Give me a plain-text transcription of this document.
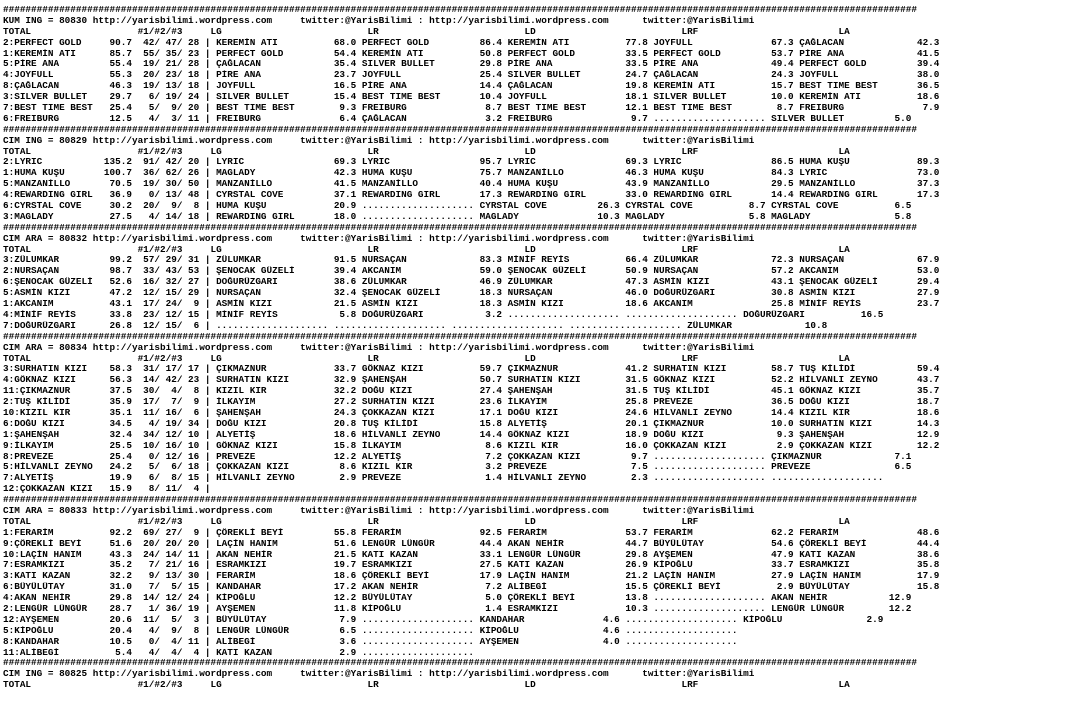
###################################################################################################################################################################
KUM ING = 80830 http://yarisbilimi.wordpress.com     twitter:@YarisBilimi : http://yarisbilimi.wordpress.com      twitter:@YarisBilimi
TOTAL                   #1/#2/#3     LG                          LR                          LD                          LRF                         LA
2:PERFECT GOLD     90.7  42/ 47/ 28 | KEREMİN ATI          68.0 PERFECT GOLD         86.4 KEREMİN ATI          77.8 JOYFULL              67.3 ÇAĞLACAN             42.3
1:KEREMİN ATI      85.7  55/ 35/ 23 | PERFECT GOLD         54.4 KEREMİN ATI          50.8 PERFECT GOLD         33.5 PERFECT GOLD         53.7 PİRE ANA             41.5
5:PİRE ANA         55.4  19/ 21/ 28 | ÇAĞLACAN             35.4 SILVER BULLET        29.8 PİRE ANA             33.5 PİRE ANA             49.4 PERFECT GOLD         39.4
4:JOYFULL          55.3  20/ 23/ 18 | PİRE ANA             23.7 JOYFULL              25.4 SILVER BULLET        24.7 ÇAĞLACAN             24.3 JOYFULL              38.0
8:ÇAĞLACAN         46.3  19/ 13/ 18 | JOYFULL              16.5 PİRE ANA             14.4 ÇAĞLACAN             19.8 KEREMİN ATI          15.7 BEST TIME BEST       36.5
3:SILVER BULLET    29.7   6/ 19/ 24 | SILVER BULLET        15.4 BEST TIME BEST       10.4 JOYFULL              18.1 SILVER BULLET        10.0 KEREMİN ATI          18.6
7:BEST TIME BEST   25.4   5/  9/ 20 | BEST TIME BEST        9.3 FREIBURG              8.7 BEST TIME BEST       12.1 BEST TIME BEST        8.7 FREIBURG              7.9
6:FREIBURG         12.5   4/  3/ 11 | FREIBURG              6.4 ÇAĞLACAN              3.2 FREIBURG              9.7 .................... SILVER BULLET         5.0
###################################################################################################################################################################
CIM ING = 80829 http://yarisbilimi.wordpress.com     twitter:@YarisBilimi : http://yarisbilimi.wordpress.com      twitter:@YarisBilimi
TOTAL                   #1/#2/#3     LG                          LR                          LD                          LRF                         LA
2:LYRIC           135.2  91/ 42/ 20 | LYRIC                69.3 LYRIC                95.7 LYRIC                69.3 LYRIC                86.5 HUMA KUŞU            89.3
1:HUMA KUŞU       100.7  36/ 62/ 26 | MAGLADY              42.3 HUMA KUŞU            75.7 MANZANİLLO           46.3 HUMA KUŞU            84.3 LYRIC                73.0
5:MANZANİLLO       70.5  19/ 30/ 50 | MANZANİLLO           41.5 MANZANİLLO           40.4 HUMA KUŞU            43.9 MANZANİLLO           29.5 MANZANİLLO           37.3
4:REWARDING GIRL   36.9   0/ 13/ 48 | CYRSTAL COVE         37.1 REWARDING GIRL       17.3 REWARDING GIRL       33.0 REWARDING GIRL       14.4 REWARDING GIRL       17.3
6:CYRSTAL COVE     30.2  20/  9/  8 | HUMA KUŞU            20.9 .................... CYRSTAL COVE         26.3 CYRSTAL COVE          8.7 CYRSTAL COVE          6.5
3:MAGLADY          27.5   4/ 14/ 18 | REWARDING GIRL       18.0 .................... MAGLADY              10.3 MAGLADY               5.8 MAGLADY               5.8
###################################################################################################################################################################
CIM ARA = 80832 http://yarisbilimi.wordpress.com     twitter:@YarisBilimi : http://yarisbilimi.wordpress.com      twitter:@YarisBilimi
TOTAL                   #1/#2/#3     LG                          LR                          LD                          LRF                         LA
3:ZÜLUMKAR         99.2  57/ 29/ 31 | ZÜLUMKAR             91.5 NURSAÇAN             83.3 MİNİF REYİS          66.4 ZÜLUMKAR             72.3 NURSAÇAN             67.9
2:NURSAÇAN         98.7  33/ 43/ 53 | ŞENOCAK GÜZELİ       39.4 AKCANIM              59.0 ŞENOCAK GÜZELİ       50.9 NURSAÇAN             57.2 AKCANIM              53.0
6:ŞENOCAK GÜZELİ   52.6  16/ 32/ 27 | DOĞURÜZGARI          38.6 ZÜLUMKAR             46.9 ZÜLUMKAR             47.3 ASMİN KIZI           43.1 ŞENOCAK GÜZELİ       29.4
5:ASMİN KIZI       47.2  12/ 15/ 29 | NURSAÇAN             32.4 ŞENOCAK GÜZELİ       18.3 NURSAÇAN             46.0 DOĞURÜZGARI          30.8 ASMİN KIZI           27.9
1:AKCANIM          43.1  17/ 24/  9 | ASMİN KIZI           21.5 ASMİN KIZI           18.3 ASMİN KIZI           18.6 AKCANIM              25.8 MİNİF REYİS          23.7
4:MİNİF REYİS      33.8  23/ 12/ 15 | MİNİF REYİS           5.8 DOĞURÜZGARI           3.2 .................... .................... DOĞURÜZGARI          16.5
7:DOĞURÜZGARI      26.8  12/ 15/  6 | .................... .................... .................... .................... ZÜLUMKAR             10.8
###################################################################################################################################################################
CIM ARA = 80834 http://yarisbilimi.wordpress.com     twitter:@YarisBilimi : http://yarisbilimi.wordpress.com      twitter:@YarisBilimi
TOTAL                   #1/#2/#3     LG                          LR                          LD                          LRF                         LA
3:SURHATIN KIZI    58.3  31/ 17/ 17 | ÇIKMAZNUR            33.7 GÖKNAZ KIZI          59.7 ÇIKMAZNUR            41.2 SURHATIN KIZI        58.7 TUŞ KİLİDİ           59.4
4:GÖKNAZ KIZI      56.3  14/ 42/ 23 | SURHATIN KIZI        32.9 ŞAHENŞAH             50.7 SURHATIN KIZI        31.5 GÖKNAZ KIZI          52.2 HİLVANLI ZEYNO       43.7
11:ÇIKMAZNUR       37.5  30/  4/  8 | KIZIL KIR            32.2 DOĞU KIZI            27.4 ŞAHENŞAH             31.5 TUŞ KİLİDİ           45.1 GÖKNAZ KIZI          35.7
2:TUŞ KİLİDİ       35.9  17/  7/  9 | İLKAYIM              27.2 SURHATIN KIZI        23.6 İLKAYIM              25.8 PREVEZE              36.5 DOĞU KIZI            18.7
10:KIZIL KIR       35.1  11/ 16/  6 | ŞAHENŞAH             24.3 ÇOKKAZAN KIZI        17.1 DOĞU KIZI            24.6 HİLVANLI ZEYNO       14.4 KIZIL KIR            18.6
6:DOĞU KIZI        34.5   4/ 19/ 34 | DOĞU KIZI            20.8 TUŞ KİLİDİ           15.8 ALYETİŞ              20.1 ÇIKMAZNUR            10.0 SURHATIN KIZI        14.3
1:ŞAHENŞAH         32.4  34/ 12/ 10 | ALYETİŞ              18.6 HİLVANLI ZEYNO       14.4 GÖKNAZ KIZI          18.9 DOĞU KIZI             9.3 ŞAHENŞAH             12.9
9:İLKAYIM          25.5  10/ 16/ 10 | GÖKNAZ KIZI          15.8 İLKAYIM               8.6 KIZIL KIR            16.0 ÇOKKAZAN KIZI         2.9 ÇOKKAZAN KIZI        12.2
8:PREVEZE          25.4   0/ 12/ 16 | PREVEZE              12.2 ALYETİŞ               7.2 ÇOKKAZAN KIZI         9.7 .................... ÇIKMAZNUR             7.1
5:HİLVANLI ZEYNO   24.2   5/  6/ 18 | ÇOKKAZAN KIZI         8.6 KIZIL KIR             3.2 PREVEZE               7.5 .................... PREVEZE               6.5
7:ALYETİŞ          19.9   6/  8/ 15 | HİLVANLI ZEYNO        2.9 PREVEZE               1.4 HİLVANLI ZEYNO        2.3 .................... ....................
12:ÇOKKAZAN KIZI   15.9   8/ 11/  4 |
###################################################################################################################################################################
CIM ARA = 80833 http://yarisbilimi.wordpress.com     twitter:@YarisBilimi : http://yarisbilimi.wordpress.com      twitter:@YarisBilimi
TOTAL                   #1/#2/#3     LG                          LR                          LD                          LRF                         LA
1:FERARİM          92.2  69/ 27/  9 | ÇÖREKLİ BEYİ         55.8 FERARİM              92.5 FERARİM              53.7 FERARİM              62.2 FERARİM              48.6
9:ÇÖREKLİ BEYİ     51.6  20/ 20/ 20 | LAÇİN HANIM          51.6 LENGÜR LÜNGÜR        44.4 AKAN NEHİR           44.7 BÜYÜLÜTAY            54.6 ÇÖREKLİ BEYİ         44.4
10:LAÇİN HANIM     43.3  24/ 14/ 11 | AKAN NEHİR           21.5 KATI KAZAN           33.1 LENGÜR LÜNGÜR        29.8 AYŞEMEN              47.9 KATI KAZAN           38.6
7:ESRAMKIZI        35.2   7/ 21/ 16 | ESRAMKIZI            19.7 ESRAMKIZI            27.5 KATI KAZAN           26.9 KİPOĞLU              33.7 ESRAMKIZI            35.8
3:KATI KAZAN       32.2   9/ 13/ 30 | FERARİM              18.6 ÇÖREKLİ BEYİ         17.9 LAÇİN HANIM          21.2 LAÇİN HANIM          27.9 LAÇİN HANIM          17.9
6:BÜYÜLÜTAY        31.0   7/  5/ 15 | KANDAHAR             17.2 AKAN NEHİR            7.2 ALİBEGİ              15.5 ÇÖREKLİ BEYİ          2.9 BÜYÜLÜTAY            15.8
4:AKAN NEHİR       29.8  14/ 12/ 24 | KİPOĞLU              12.2 BÜYÜLÜTAY             5.0 ÇÖREKLİ BEYİ         13.8 .................... AKAN NEHİR           12.9
2:LENGÜR LÜNGÜR    28.7   1/ 36/ 19 | AYŞEMEN              11.8 KİPOĞLU               1.4 ESRAMKIZI            10.3 .................... LENGÜR LÜNGÜR        12.2
12:AYŞEMEN         20.6  11/  5/  3 | BÜYÜLÜTAY             7.9 .................... KANDAHAR              4.6 .................... KİPOĞLU               2.9
5:KİPOĞLU          20.4   4/  9/  8 | LENGÜR LÜNGÜR         6.5 .................... KİPOĞLU               4.6 ....................
8:KANDAHAR         10.5   0/  4/ 11 | ALİBEGİ               3.6 .................... AYŞEMEN               4.0 ....................
11:ALİBEGİ          5.4   4/  4/  4 | KATI KAZAN            2.9 ....................
###################################################################################################################################################################
CIM ING = 80825 http://yarisbilimi.wordpress.com     twitter:@YarisBilimi : http://yarisbilimi.wordpress.com      twitter:@YarisBilimi
TOTAL                   #1/#2/#3     LG                          LR                          LD                          LRF                         LA
